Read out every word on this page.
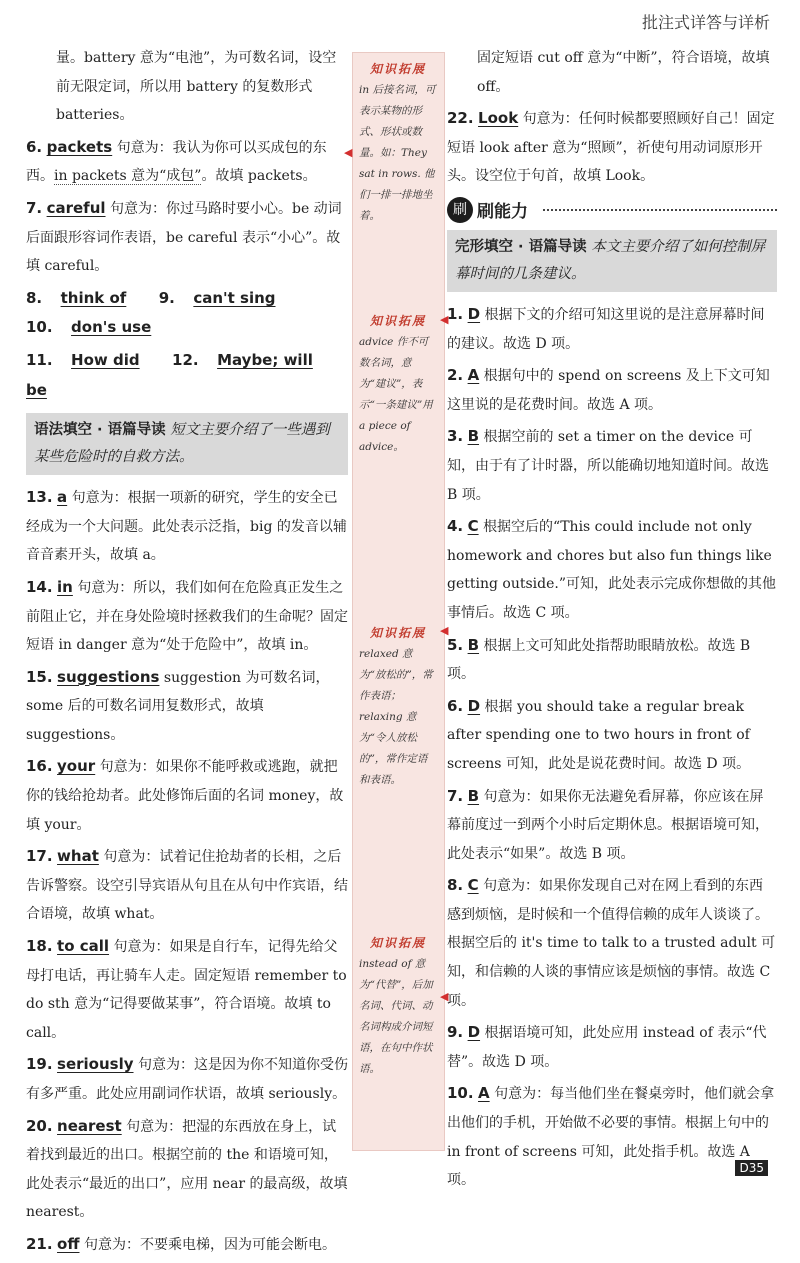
批注式详答与详析

量。battery 意为“电池”，为可数名词，设空前无限定词，所以用 battery 的复数形式 batteries。

6. packets 句意为：我认为你可以买成包的东西。in packets 意为“成包”。故填 packets。

7. careful 句意为：你过马路时要小心。be 动词后面跟形容词作表语，be careful 表示“小心”。故填 careful。

8. think of 9. can't sing 10. don's use

11. How did 12. Maybe; will be

语法填空 · 语篇导读 短文主要介绍了一些遇到某些危险时的自救方法。

13. a 句意为：根据一项新的研究，学生的安全已经成为一个大问题。此处表示泛指，big 的发音以辅音音素开头，故填 a。

14. in 句意为：所以，我们如何在危险真正发生之前阻止它，并在身处险境时拯救我们的生命呢？固定短语 in danger 意为“处于危险中”，故填 in。

15. suggestions suggestion 为可数名词，some 后的可数名词用复数形式，故填 suggestions。

16. your 句意为：如果你不能呼救或逃跑，就把你的钱给抢劫者。此处修饰后面的名词 money，故填 your。

17. what 句意为：试着记住抢劫者的长相，之后告诉警察。设空引导宾语从句且在从句中作宾语，结合语境，故填 what。

18. to call 句意为：如果是自行车，记得先给父母打电话，再让骑车人走。固定短语 remember to do sth 意为“记得要做某事”，符合语境。故填 to call。

19. seriously 句意为：这是因为你不知道你受伤有多严重。此处应用副词作状语，故填 seriously。

20. nearest 句意为：把湿的东西放在身上，试着找到最近的出口。根据空前的 the 和语境可知，此处表示“最近的出口”，应用 near 的最高级，故填 nearest。

21. off 句意为：不要乘电梯，因为可能会断电。

知识拓展
in 后接名词，可表示某物的形式、形状或数量。如：They sat in rows. 他们一排一排地坐着。
知识拓展
advice 作不可数名词，意为“建议”，表示“一条建议”用 a piece of advice。
知识拓展
relaxed 意为“放松的”，常作表语；relaxing 意为“令人放松的”，常作定语和表语。
知识拓展
instead of 意为“代替”，后加名词、代词、动名词构成介词短语，在句中作状语。
◀
◀
◀
◀

固定短语 cut off 意为“中断”，符合语境，故填 off。

22. Look 句意为：任何时候都要照顾好自己！固定短语 look after 意为“照顾”，祈使句用动词原形开头。设空位于句首，故填 Look。

刷 刷能力
完形填空 · 语篇导读 本文主要介绍了如何控制屏幕时间的几条建议。

1. D 根据下文的介绍可知这里说的是注意屏幕时间的建议。故选 D 项。

2. A 根据句中的 spend on screens 及上下文可知这里说的是花费时间。故选 A 项。

3. B 根据空前的 set a timer on the device 可知，由于有了计时器，所以能确切地知道时间。故选 B 项。

4. C 根据空后的“This could include not only homework and chores but also fun things like getting outside.”可知，此处表示完成你想做的其他事情后。故选 C 项。

5. B 根据上文可知此处指帮助眼睛放松。故选 B 项。

6. D 根据 you should take a regular break after spending one to two hours in front of screens 可知，此处是说花费时间。故选 D 项。

7. B 句意为：如果你无法避免看屏幕，你应该在屏幕前度过一到两个小时后定期休息。根据语境可知，此处表示“如果”。故选 B 项。

8. C 句意为：如果你发现自己对在网上看到的东西感到烦恼，是时候和一个值得信赖的成年人谈谈了。根据空后的 it's time to talk to a trusted adult 可知，和信赖的人谈的事情应该是烦恼的事情。故选 C 项。

9. D 根据语境可知，此处应用 instead of 表示“代替”。故选 D 项。

10. A 句意为：每当他们坐在餐桌旁时，他们就会拿出他们的手机，开始做不必要的事情。根据上句中的 in front of screens 可知，此处指手机。故选 A 项。

D35
